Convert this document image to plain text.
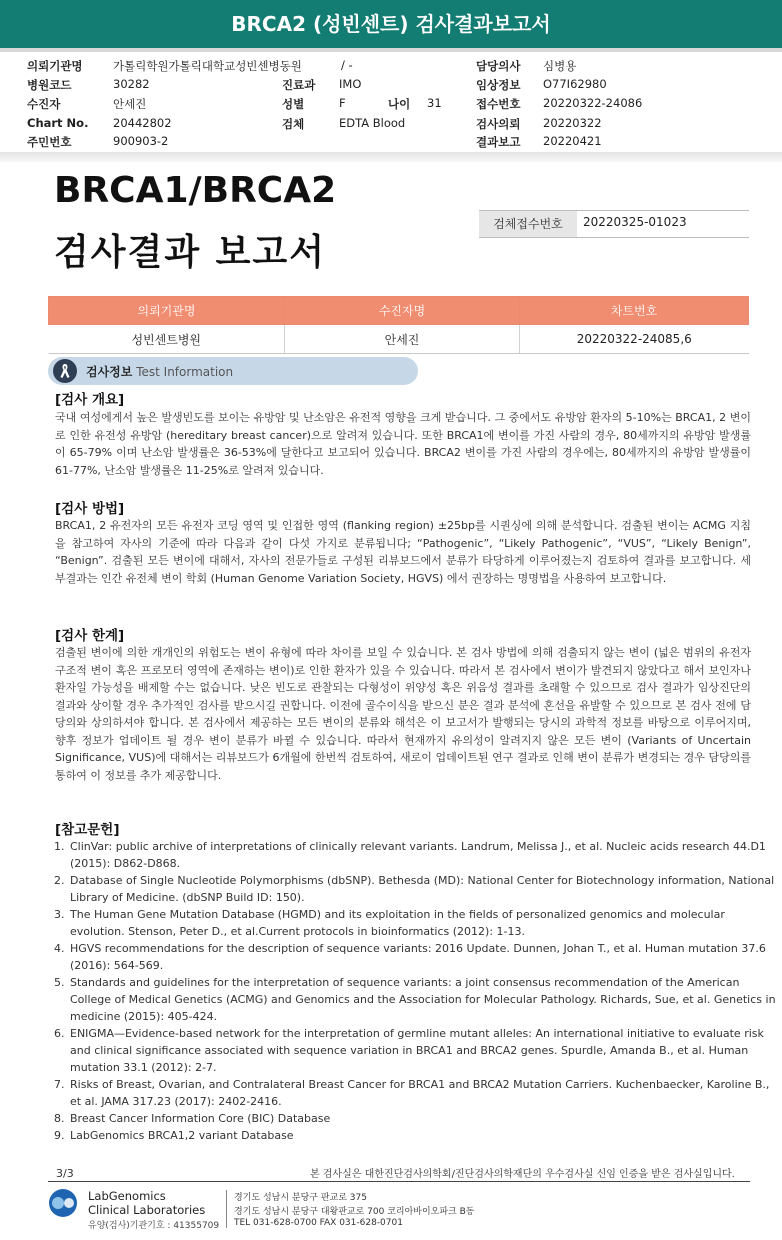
BRCA2 (성빈센트) 검사결과보고서
의뢰기관명	가톨릭학원가톨릭대학교성빈센병동원
병원코드	30282
수진자	안세진
Chart No. 20442802
주민번호	900903-2
/ -
진료과 IMO
성별	F	나이 31
검체	EDTA Blood
담당의사 심병용
임상정보 O77I62980
접수번호 20220322-24086
검사의뢰 20220322
결과보고 20220421
BRCA1/BRCA2
검사결과 보고서
검체접수번호	20220325-01023
의뢰기관명	수진자명	차트번호
성빈센트병원	안세진	20220322-24085,6
검사정보 Test Information
[검사 개요]
국내 여성에게서 높은 발생빈도를 보이는 유방암 및 난소암은 유전적 영향을 크게 받습니다. 그 중에서도 유방암 환자의 5-10%는 BRCA1, 2 변이로 인한 유전성 유방암 (hereditary breast cancer)으로 알려져 있습니다. 또한 BRCA1에 변이를 가진 사람의 경우, 80세까지의 유방암 발생률이 65-79% 이며 난소암 발생률은 36-53%에 달한다고 보고되어 있습니다. BRCA2 변이를 가진 사람의 경우에는, 80세까지의 유방암 발생률이 61-77%, 난소암 발생률은 11-25%로 알려져 있습니다.
[검사 방법]
BRCA1, 2 유전자의 모든 유전자 코딩 영역 및 인접한 영역 (flanking region) ±25bp를 시퀀싱에 의해 분석합니다. 검출된 변이는 ACMG 지침을 참고하여 자사의 기준에 따라 다음과 같이 다섯 가지로 분류됩니다; “Pathogenic”, “Likely Pathogenic”, “VUS”, “Likely Benign”, “Benign”. 검출된 모든 변이에 대해서, 자사의 전문가들로 구성된 리뷰보드에서 분류가 타당하게 이루어졌는지 검토하여 결과를 보고합니다. 세부결과는 인간 유전체 변이 학회 (Human Genome Variation Society, HGVS) 에서 권장하는 명명법을 사용하여 보고합니다.
[검사 한계]
검출된 변이에 의한 개개인의 위험도는 변이 유형에 따라 차이를 보일 수 있습니다. 본 검사 방법에 의해 검출되지 않는 변이 (넓은 범위의 유전자 구조적 변이 혹은 프로모터 영역에 존재하는 변이)로 인한 환자가 있을 수 있습니다. 따라서 본 검사에서 변이가 발견되지 않았다고 해서 보인자나 환자일 가능성을 배제할 수는 없습니다. 낮은 빈도로 관찰되는 다형성이 위양성 혹은 위음성 결과를 초래할 수 있으므로 검사 결과가 임상진단의 결과와 상이할 경우 추가적인 검사를 받으시길 권합니다. 이전에 골수이식을 받으신 분은 결과 분석에 혼선을 유발할 수 있으므로 본 검사 전에 담당의와 상의하셔야 합니다. 본 검사에서 제공하는 모든 변이의 분류와 해석은 이 보고서가 발행되는 당시의 과학적 정보를 바탕으로 이루어지며, 향후 정보가 업데이트 될 경우 변이 분류가 바뀔 수 있습니다. 따라서 현재까지 유의성이 알려지지 않은 모든 변이 (Variants of Uncertain Significance, VUS)에 대해서는 리뷰보드가 6개월에 한번씩 검토하여, 새로이 업데이트된 연구 결과로 인해 변이 분류가 변경되는 경우 담당의를 통하여 이 정보를 추가 제공합니다.
[참고문헌]
1. ClinVar: public archive of interpretations of clinically relevant variants. Landrum, Melissa J., et al. Nucleic acids research 44.D1 (2015): D862-D868.
2. Database of Single Nucleotide Polymorphisms (dbSNP). Bethesda (MD): National Center for Biotechnology information, National Library of Medicine. (dbSNP Build ID: 150).
3. The Human Gene Mutation Database (HGMD) and its exploitation in the fields of personalized genomics and molecular evolution. Stenson, Peter D., et al.Current protocols in bioinformatics (2012): 1-13.
4. HGVS recommendations for the description of sequence variants: 2016 Update. Dunnen, Johan T., et al. Human mutation 37.6 (2016): 564-569.
5. Standards and guidelines for the interpretation of sequence variants: a joint consensus recommendation of the American College of Medical Genetics (ACMG) and Genomics and the Association for Molecular Pathology. Richards, Sue, et al. Genetics in medicine (2015): 405-424.
6. ENIGMA—Evidence‐based network for the interpretation of germline mutant alleles: An international initiative to evaluate risk and clinical significance associated with sequence variation in BRCA1 and BRCA2 genes. Spurdle, Amanda B., et al. Human mutation 33.1 (2012): 2-7.
7. Risks of Breast, Ovarian, and Contralateral Breast Cancer for BRCA1 and BRCA2 Mutation Carriers. Kuchenbaecker, Karoline B., et al. JAMA 317.23 (2017): 2402-2416.
8. Breast Cancer Information Core (BIC) Database
9. LabGenomics BRCA1,2 variant Database
3/3	본 검사실은 대한진단검사의학회/진단검사의학재단의 우수검사실 신임 인증을 받은 검사실입니다.
LabGenomics
Clinical Laboratories
유양(검사)기관기호 : 41355709
경기도 성남시 분당구 판교로 375
경기도 성남시 분당구 대왕판교로 700 코리아바이오파크 B동
TEL 031-628-0700 FAX 031-628-0701
